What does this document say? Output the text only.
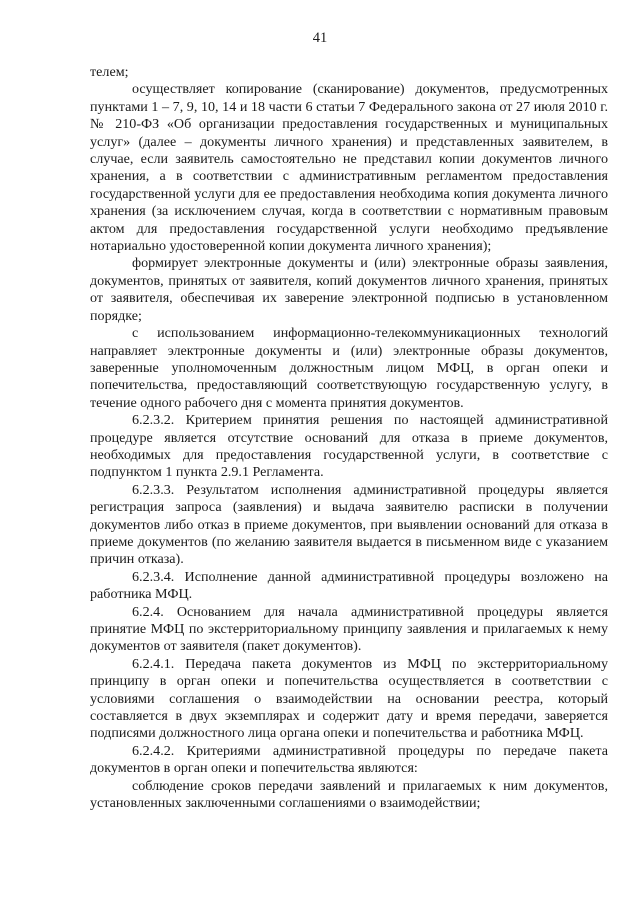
41

телем;

осуществляет копирование (сканирование) документов, предусмотренных пунктами 1 – 7, 9, 10, 14 и 18 части 6 статьи 7 Федерального закона от 27 июля 2010 г. № 210-ФЗ «Об организации предоставления государственных и муниципальных услуг» (далее – документы личного хранения) и представленных заявителем, в случае, если заявитель самостоятельно не представил копии документов личного хранения, а в соответствии с административным регламентом предоставления государственной услуги для ее предоставления необходима копия документа личного хранения (за исключением случая, когда в соответствии с нормативным правовым актом для предоставления государственной услуги необходимо предъявление нотариально удостоверенной копии документа личного хранения);

формирует электронные документы и (или) электронные образы заявления, документов, принятых от заявителя, копий документов личного хранения, принятых от заявителя, обеспечивая их заверение электронной подписью в установленном порядке;

с использованием информационно-телекоммуникационных технологий направляет электронные документы и (или) электронные образы документов, заверенные уполномоченным должностным лицом МФЦ, в орган опеки и попечительства, предоставляющий соответствующую государственную услугу, в течение одного рабочего дня с момента принятия документов.

6.2.3.2. Критерием принятия решения по настоящей административной процедуре является отсутствие оснований для отказа в приеме документов, необходимых для предоставления государственной услуги, в соответствие с подпунктом 1 пункта 2.9.1 Регламента.

6.2.3.3. Результатом исполнения административной процедуры является регистрация запроса (заявления) и выдача заявителю расписки в получении документов либо отказ в приеме документов, при выявлении оснований для отказа в приеме документов (по желанию заявителя выдается в письменном виде с указанием причин отказа).

6.2.3.4. Исполнение данной административной процедуры возложено на работника МФЦ.

6.2.4. Основанием для начала административной процедуры является принятие МФЦ по экстерриториальному принципу заявления и прилагаемых к нему документов от заявителя (пакет документов).

6.2.4.1. Передача пакета документов из МФЦ по экстерриториальному принципу в орган опеки и попечительства осуществляется в соответствии с условиями соглашения о взаимодействии на основании реестра, который составляется в двух экземплярах и содержит дату и время передачи, заверяется подписями должностного лица органа опеки и попечительства и работника МФЦ.

6.2.4.2. Критериями административной процедуры по передаче пакета документов в орган опеки и попечительства являются:

соблюдение сроков передачи заявлений и прилагаемых к ним документов, установленных заключенными соглашениями о взаимодействии;
